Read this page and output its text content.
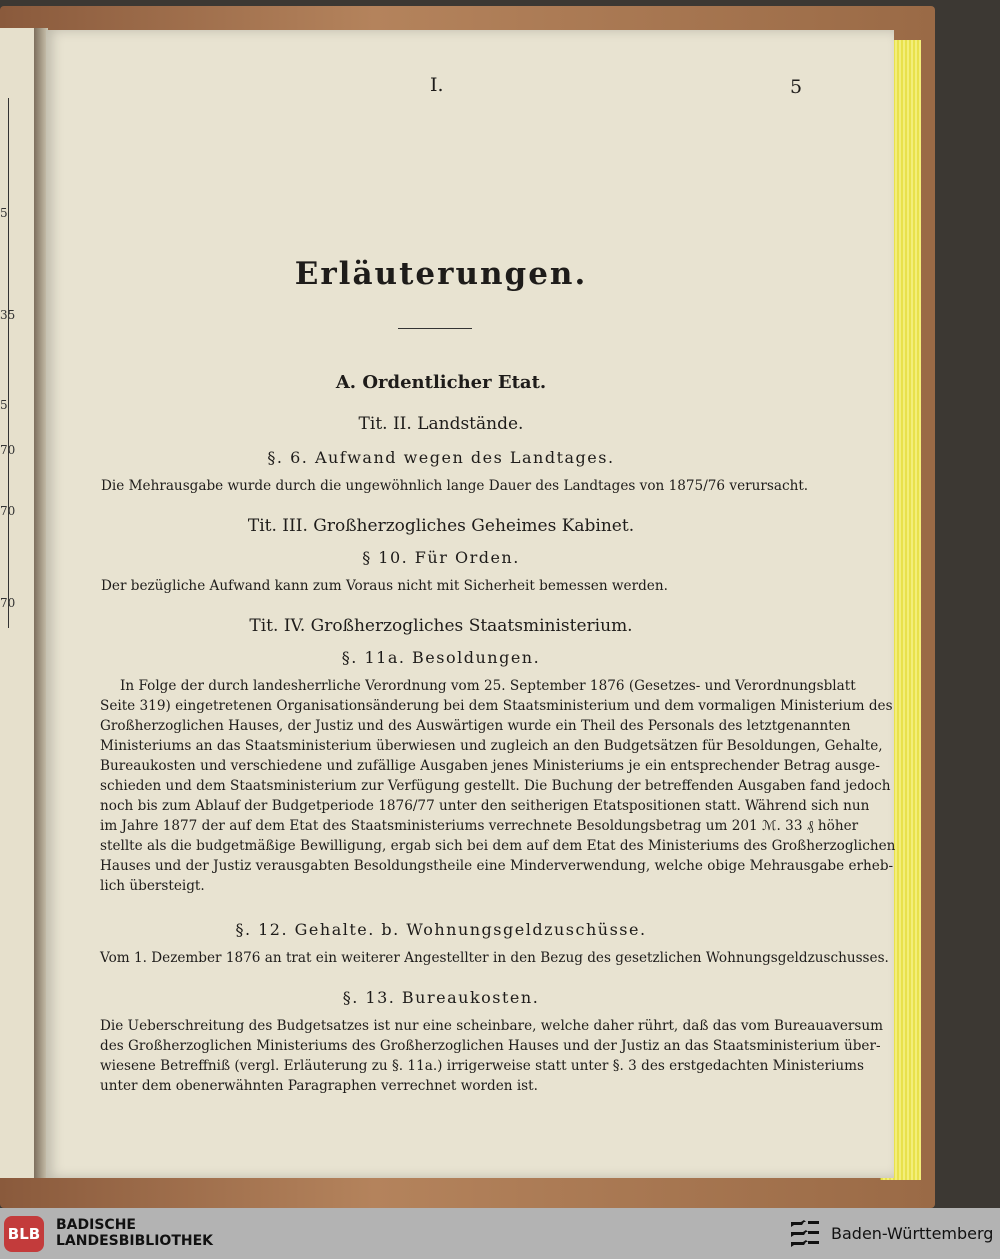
5
35
5
70
70
70
I.	5
Erläuterungen.
A. Ordentlicher Etat.
Tit. II. Landstände.
§. 6. Aufwand wegen des Landtages.
Die Mehrausgabe wurde durch die ungewöhnlich lange Dauer des Landtages von 1875/76 verursacht.
Tit. III. Großherzogliches Geheimes Kabinet.
§ 10. Für Orden.
Der bezügliche Aufwand kann zum Voraus nicht mit Sicherheit bemessen werden.
Tit. IV. Großherzogliches Staatsministerium.
§. 11a. Besoldungen.
In Folge der durch landesherrliche Verordnung vom 25. September 1876 (Gesetzes- und Verordnungsblatt
Seite 319) eingetretenen Organisationsänderung bei dem Staatsministerium und dem vormaligen Ministerium des
Großherzoglichen Hauses, der Justiz und des Auswärtigen wurde ein Theil des Personals des letztgenannten
Ministeriums an das Staatsministerium überwiesen und zugleich an den Budgetsätzen für Besoldungen, Gehalte,
Bureaukosten und verschiedene und zufällige Ausgaben jenes Ministeriums je ein entsprechender Betrag ausge-
schieden und dem Staatsministerium zur Verfügung gestellt. Die Buchung der betreffenden Ausgaben fand jedoch
noch bis zum Ablauf der Budgetperiode 1876/77 unter den seitherigen Etatspositionen statt. Während sich nun
im Jahre 1877 der auf dem Etat des Staatsministeriums verrechnete Besoldungsbetrag um 201 ℳ. 33 ₰ höher
stellte als die budgetmäßige Bewilligung, ergab sich bei dem auf dem Etat des Ministeriums des Großherzoglichen
Hauses und der Justiz verausgabten Besoldungstheile eine Minderverwendung, welche obige Mehrausgabe erheb-
lich übersteigt.
§. 12. Gehalte. b. Wohnungsgeldzuschüsse.
Vom 1. Dezember 1876 an trat ein weiterer Angestellter in den Bezug des gesetzlichen Wohnungsgeldzuschusses.
§. 13. Bureaukosten.
Die Ueberschreitung des Budgetsatzes ist nur eine scheinbare, welche daher rührt, daß das vom Bureauaversum
des Großherzoglichen Ministeriums des Großherzoglichen Hauses und der Justiz an das Staatsministerium über-
wiesene Betreffniß (vergl. Erläuterung zu §. 11a.) irrigerweise statt unter §. 3 des erstgedachten Ministeriums
unter dem obenerwähnten Paragraphen verrechnet worden ist.
BLB BADISCHE
LANDESBIBLIOTHEK	Baden-Württemberg
